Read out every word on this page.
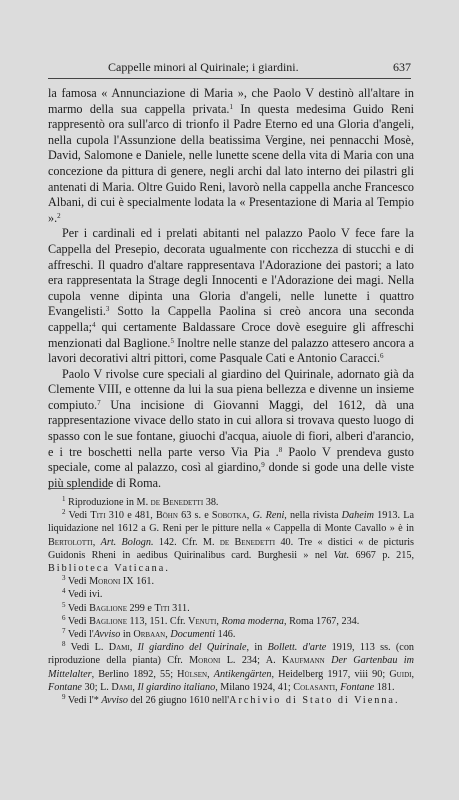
Cappelle minori al Quirinale; i giardini.	637

la famosa « Annunciazione di Maria », che Paolo V destinò all'altare in marmo della sua cappella privata.$^1$ In questa medesima Guido Reni rappresentò ora sull'arco di trionfo il Padre Eterno ed una Gloria d'angeli, nella cupola l'Assunzione della beatissima Vergine, nei pennacchi Mosè, David, Salomone e Daniele, nelle lunette scene della vita di Maria con una concezione da pittura di genere, negli archi dal lato interno dei pilastri gli antenati di Maria. Oltre Guido Reni, lavorò nella cappella anche Francesco Albani, di cui è specialmente lodata la « Presentazione di Maria al Tempio ».$^2$

Per i cardinali ed i prelati abitanti nel palazzo Paolo V fece fare la Cappella del Presepio, decorata ugualmente con ricchezza di stucchi e di affreschi. Il quadro d'altare rappresentava l'Adorazione dei pastori; a lato era rappresentata la Strage degli Innocenti e l'Adorazione dei magi. Nella cupola venne dipinta una Gloria d'angeli, nelle lunette i quattro Evangelisti.$^3$ Sotto la Cappella Paolina si creò ancora una seconda cappella;$^4$ qui certamente Baldassare Croce dovè eseguire gli affreschi menzionati dal Baglione.$^5$ Inoltre nelle stanze del palazzo attesero ancora a lavori decorativi altri pittori, come Pasquale Cati e Antonio Caracci.$^6$

Paolo V rivolse cure speciali al giardino del Quirinale, adornato già da Clemente VIII, e ottenne da lui la sua piena bellezza e divenne un insieme compiuto.$^7$ Una incisione di Giovanni Maggi, del 1612, dà una rappresentazione vivace dello stato in cui allora si trovava questo luogo di spasso con le sue fontane, giuochi d'acqua, aiuole di fiori, alberi d'arancio, e i tre boschetti nella parte verso Via Pia .$^8$ Paolo V prendeva gusto speciale, come al palazzo, così al giardino,$^9$ donde si gode una delle viste più splendide di Roma.

$^1$ Riproduzione in M. de Benedetti 38.

$^2$ Vedi Titi 310 e 481, Böhn 63 s. e Sobotka, G. Reni, nella rivista Daheim 1913. La liquidazione nel 1612 a G. Reni per le pitture nella « Cappella di Monte Cavallo » è in Bertolotti, Art. Bologn. 142. Cfr. M. de Benedetti 40. Tre « distici « de picturis Guidonis Rheni in aedibus Quirinalibus card. Burghesii » nel Vat. 6967 p. 215, Biblioteca Vaticana.

$^3$ Vedi Moroni IX 161.

$^4$ Vedi ivi.

$^5$ Vedi Baglione 299 e Titi 311.

$^6$ Vedi Baglione 113, 151. Cfr. Venuti, Roma moderna, Roma 1767, 234.

$^7$ Vedi l'Avviso in Orbaan, Documenti 146.

$^8$ Vedi L. Dami, Il giardino del Quirinale, in Bollett. d'arte 1919, 113 ss. (con riproduzione della pianta) Cfr. Moroni L. 234; A. Kaufmann Der Gartenbau im Mittelalter, Berlino 1892, 55; Hülsen, Antikengärten, Heidelberg 1917, viii 90; Guidi, Fontane 30; L. Dami, Il giardino italiano, Milano 1924, 41; Colasanti, Fontane 181.

$^9$ Vedi l'* Avviso del 26 giugno 1610 nell'Archivio di Stato di Vienna.
